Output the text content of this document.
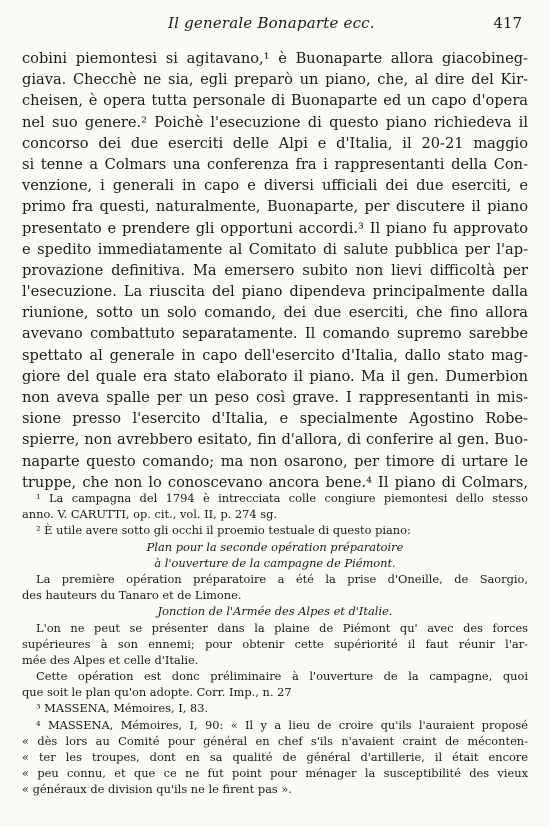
Il generale Bonaparte ecc.	417
cobini piemontesi si agitavano,¹ è Buonaparte allora giacobineg-
giava. Checchè ne sia, egli preparò un piano, che, al dire del Kir-
cheisen, è opera tutta personale di Buonaparte ed un capo d'opera
nel suo genere.² Poichè l'esecuzione di questo piano richiedeva il
concorso dei due eserciti delle Alpi e d'Italia, il 20-21 maggio
si tenne a Colmars una conferenza fra i rappresentanti della Con-
venzione, i generali in capo e diversi ufficiali dei due eserciti, e
primo fra questi, naturalmente, Buonaparte, per discutere il piano
presentato e prendere gli opportuni accordi.³ Il piano fu approvato
e spedito immediatamente al Comitato di salute pubblica per l'ap-
provazione definitiva. Ma emersero subito non lievi difficoltà per
l'esecuzione. La riuscita del piano dipendeva principalmente dalla
riunione, sotto un solo comando, dei due eserciti, che fino allora
avevano combattuto separatamente. Il comando supremo sarebbe
spettato al generale in capo dell'esercito d'Italia, dallo stato mag-
giore del quale era stato elaborato il piano. Ma il gen. Dumerbion
non aveva spalle per un peso così grave. I rappresentanti in mis-
sione presso l'esercito d'Italia, e specialmente Agostino Robe-
spierre, non avrebbero esitato, fin d'allora, di conferire al gen. Buo-
naparte questo comando; ma non osarono, per timore di urtare le
truppe, che non lo conoscevano ancora bene.⁴ Il piano di Colmars,
¹ La campagna del 1794 è intrecciata colle congiure piemontesi dello stesso
anno. V. CARUTTI, op. cit., vol. II, p. 274 sg.
² È utile avere sotto gli occhi il proemio testuale di questo piano:
Plan pour la seconde opération préparatoire
à l'ouverture de la campagne de Piémont.
La première opération préparatoire a été la prise d'Oneille, de Saorgio,
des hauteurs du Tanaro et de Limone.
Jonction de l'Armée des Alpes et d'Italie.
L'on ne peut se présenter dans la plaine de Piémont qu' avec des forces
supérieures à son ennemi; pour obtenir cette supériorité il faut réunir l'ar-
mée des Alpes et celle d'Italie.
Cette opération est donc préliminaire à l'ouverture de la campagne, quoi
que soit le plan qu'on adopte. Corr. Imp., n. 27
³ MASSENA, Mémoires, I, 83.
⁴ MASSENA, Mémoires, I, 90: « Il y a lieu de croire qu'ils l'auraient proposé
« dès lors au Comité pour général en chef s'ils n'avaient craint de méconten-
« ter les troupes, dont en sa qualité de général d'artillerie, il était encore
« peu connu, et que ce ne fut point pour ménager la susceptibilité des vieux
« généraux de division qu'ils ne le firent pas ».
